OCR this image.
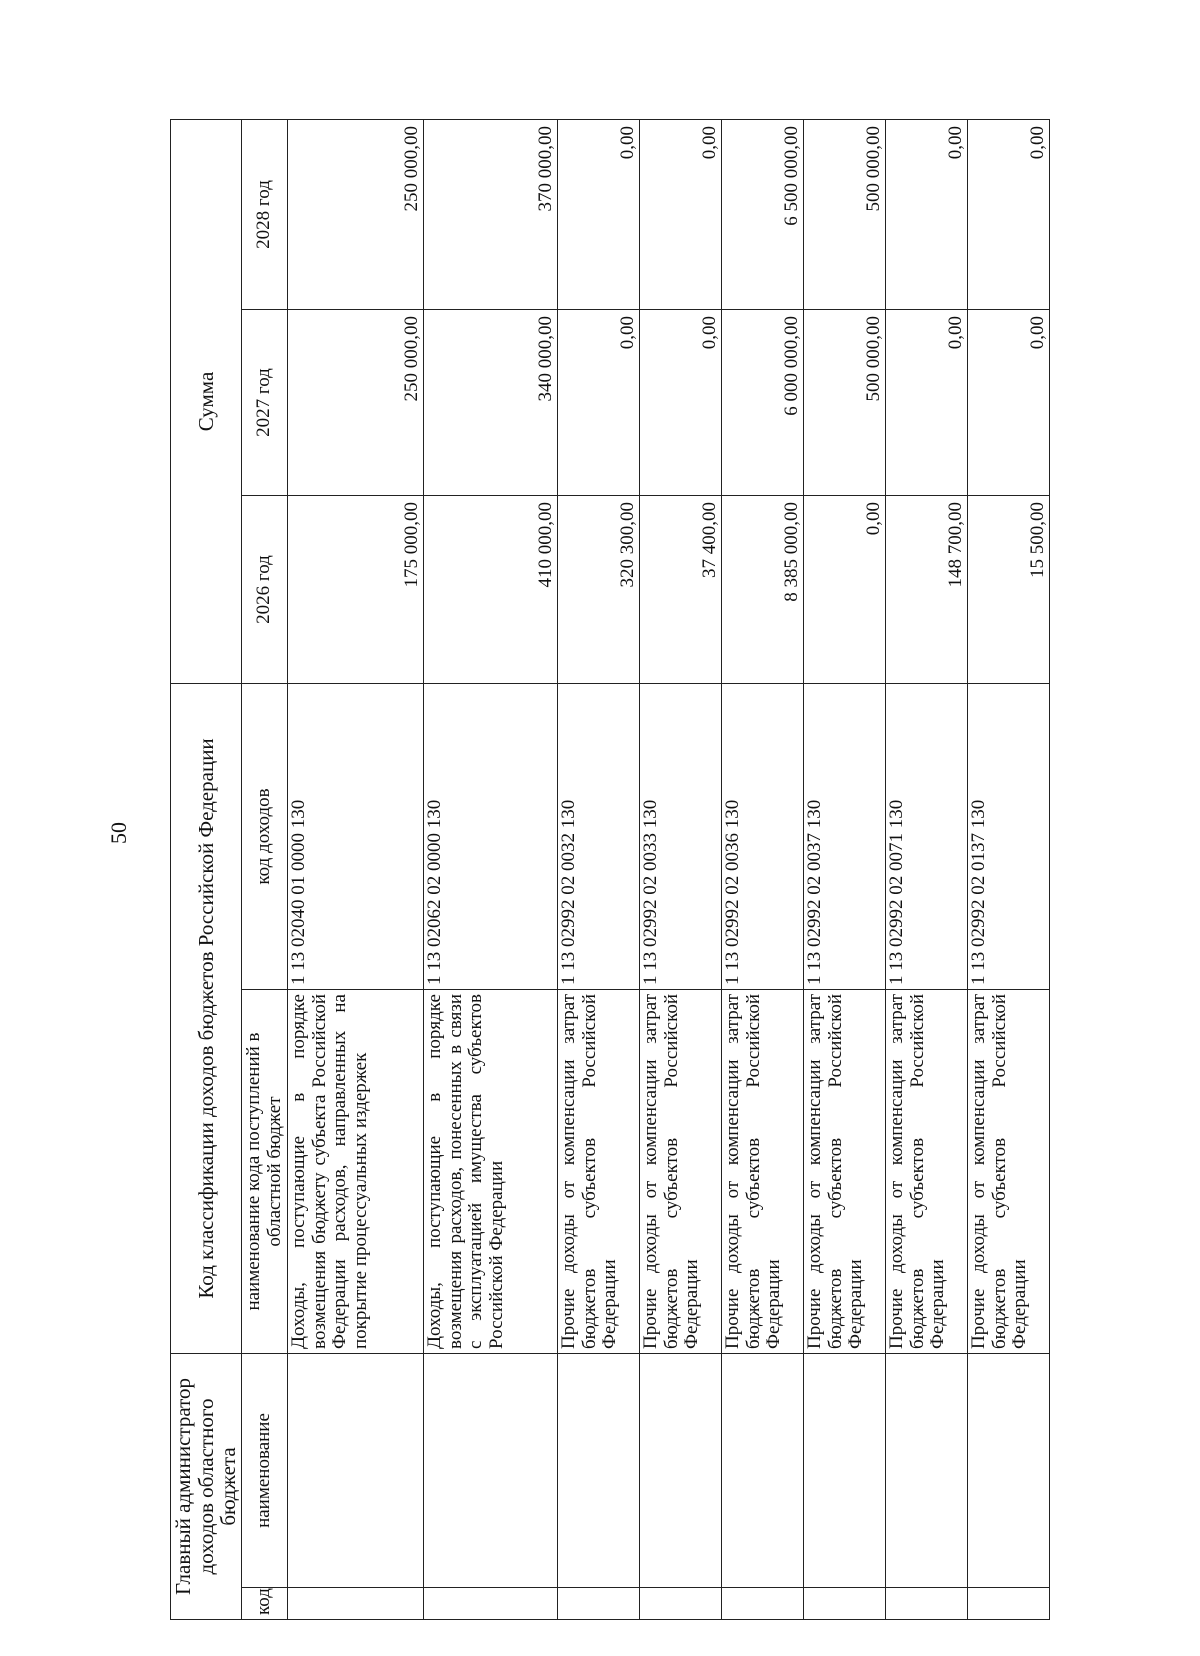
50
Главный администратор доходов областного бюджета		Код классификации доходов бюджетов Российской Федерации		Сумма		
код	наименование	наименование кода поступлений в областной бюджет	код доходов	2026 год	2027 год	2028 год
		Доходы, поступающие в порядке возмещения бюджету субъекта Российской Федерации расходов, направленных на покрытие процессуальных издержек	1 13 02040 01 0000 130	175 000,00	250 000,00	250 000,00
		Доходы, поступающие в порядке возмещения расходов, понесенных в связи с эксплуатацией имущества субъектов Российской Федерации	1 13 02062 02 0000 130	410 000,00	340 000,00	370 000,00
		Прочие доходы от компенсации затрат бюджетов субъектов Российской Федерации	1 13 02992 02 0032 130	320 300,00	0,00	0,00
		Прочие доходы от компенсации затрат бюджетов субъектов Российской Федерации	1 13 02992 02 0033 130	37 400,00	0,00	0,00
		Прочие доходы от компенсации затрат бюджетов субъектов Российской Федерации	1 13 02992 02 0036 130	8 385 000,00	6 000 000,00	6 500 000,00
		Прочие доходы от компенсации затрат бюджетов субъектов Российской Федерации	1 13 02992 02 0037 130	0,00	500 000,00	500 000,00
		Прочие доходы от компенсации затрат бюджетов субъектов Российской Федерации	1 13 02992 02 0071 130	148 700,00	0,00	0,00
		Прочие доходы от компенсации затрат бюджетов субъектов Российской Федерации	1 13 02992 02 0137 130	15 500,00	0,00	0,00
